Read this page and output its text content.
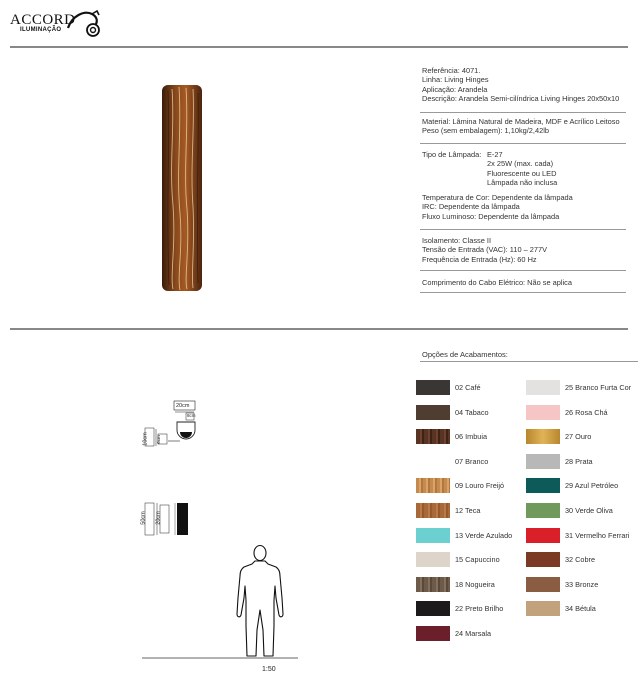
ACCORD
ILUMINAÇÃO
Referência: 4071.
Linha: Living Hinges
Aplicação: Arandela
Descrição: Arandela Semi-cilíndrica Living Hinges 20x50x10
Material: Lâmina Natural de Madeira, MDF e Acrílico Leitoso
Peso (sem embalagem): 1,10kg/2,42lb
Tipo de Lâmpada: E-27
2x 25W (max. cada)
Fluorescente ou LED
Lâmpada não inclusa
Temperatura de Cor: Dependente da lâmpada
IRC: Dependente da lâmpada
Fluxo Luminoso: Dependente da lâmpada
Isolamento: Classe II
Tensão de Entrada (VAC): 110 – 277V
Frequência de Entrada (Hz): 60 Hz
Comprimento do Cabo Elétrico: Não se aplica
20cm
8cm
10cm 6cm
50cm 20cm
1:50
Opções de Acabamentos:
02 Café
04 Tabaco
06 Imbuia
07 Branco
09 Louro Freijó
12 Teca
13 Verde Azulado
15 Capuccino
18 Nogueira
22 Preto Brilho
24 Marsala
25 Branco Furta Cor
26 Rosa Chá
27 Ouro
28 Prata
29 Azul Petróleo
30 Verde Oliva
31 Vermelho Ferrari
32 Cobre
33 Bronze
34 Bétula
